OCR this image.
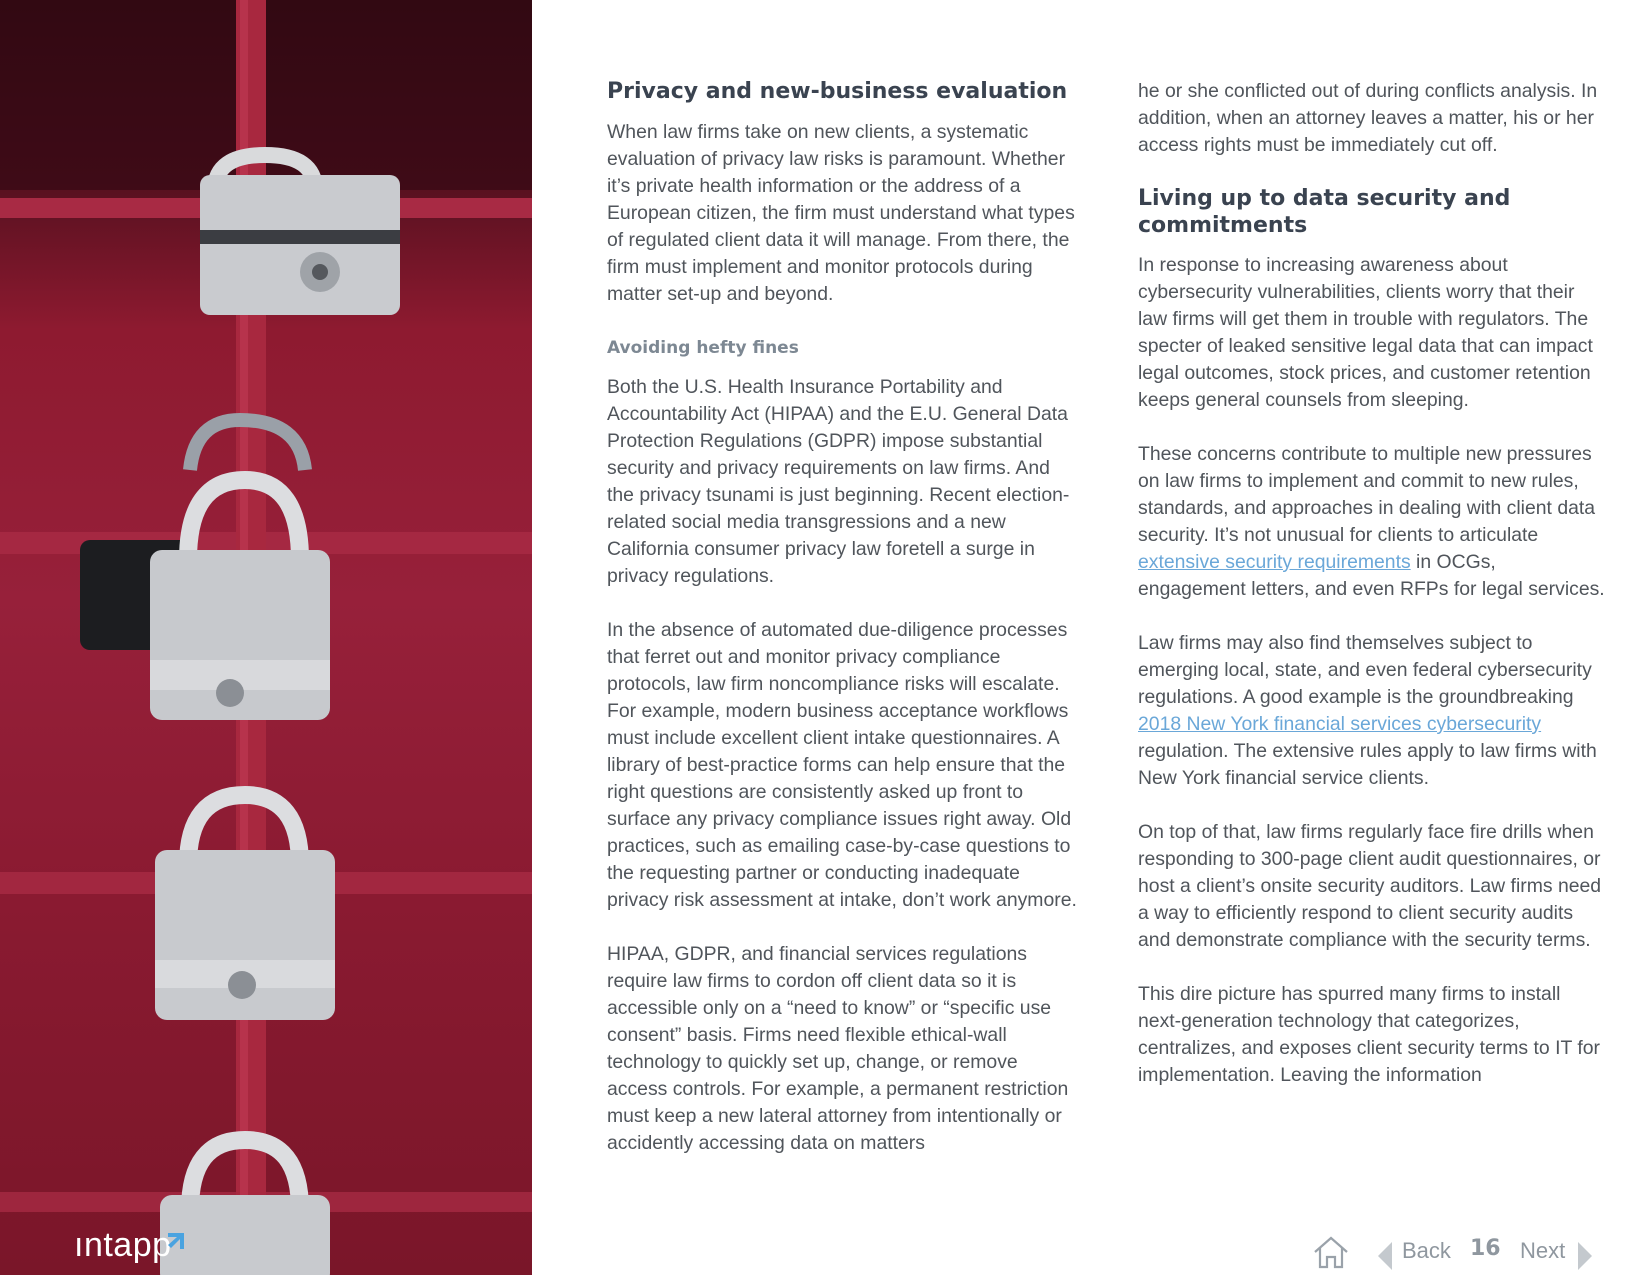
ıntapp
Privacy and new-business evaluation

When law firms take on new clients, a systematic evaluation of privacy law risks is paramount. Whether it’s private health information or the address of a European citizen, the firm must understand what types of regulated client data it will manage. From there, the firm must implement and monitor protocols during matter set-up and beyond.

Avoiding hefty fines

Both the U.S. Health Insurance Portability and Accountability Act (HIPAA) and the E.U. General Data Protection Regulations (GDPR) impose substantial security and privacy requirements on law firms. And the privacy tsunami is just beginning. Recent election-related social media transgressions and a new California consumer privacy law foretell a surge in privacy regulations.

In the absence of automated due-diligence processes that ferret out and monitor privacy compliance protocols, law firm noncompliance risks will escalate. For example, modern business acceptance workflows must include excellent client intake questionnaires. A library of best-practice forms can help ensure that the right questions are consistently asked up front to surface any privacy compliance issues right away. Old practices, such as emailing case-by-case questions to the requesting partner or conducting inadequate privacy risk assessment at intake, don’t work anymore.

HIPAA, GDPR, and financial services regulations require law firms to cordon off client data so it is accessible only on a “need to know” or “specific use consent” basis. Firms need flexible ethical-wall technology to quickly set up, change, or remove access controls. For example, a permanent restriction must keep a new lateral attorney from intentionally or accidently accessing data on matters

he or she conflicted out of during conflicts analysis. In addition, when an attorney leaves a matter, his or her access rights must be immediately cut off.

Living up to data security and commitments

In response to increasing awareness about cybersecurity vulnerabilities, clients worry that their law firms will get them in trouble with regulators. The specter of leaked sensitive legal data that can impact legal outcomes, stock prices, and customer retention keeps general counsels from sleeping.

These concerns contribute to multiple new pressures on law firms to implement and commit to new rules, standards, and approaches in dealing with client data security. It’s not unusual for clients to articulate extensive security requirements in OCGs, engagement letters, and even RFPs for legal services.

Law firms may also find themselves subject to emerging local, state, and even federal cybersecurity regulations. A good example is the groundbreaking 2018 New York financial services cybersecurity regulation. The extensive rules apply to law firms with New York financial service clients.

On top of that, law firms regularly face fire drills when responding to 300-page client audit questionnaires, or host a client’s onsite security auditors. Law firms need a way to efficiently respond to client security audits and demonstrate compliance with the security terms.

This dire picture has spurred many firms to install next-generation technology that categorizes, centralizes, and exposes client security terms to IT for implementation. Leaving the information

Back 16 Next
